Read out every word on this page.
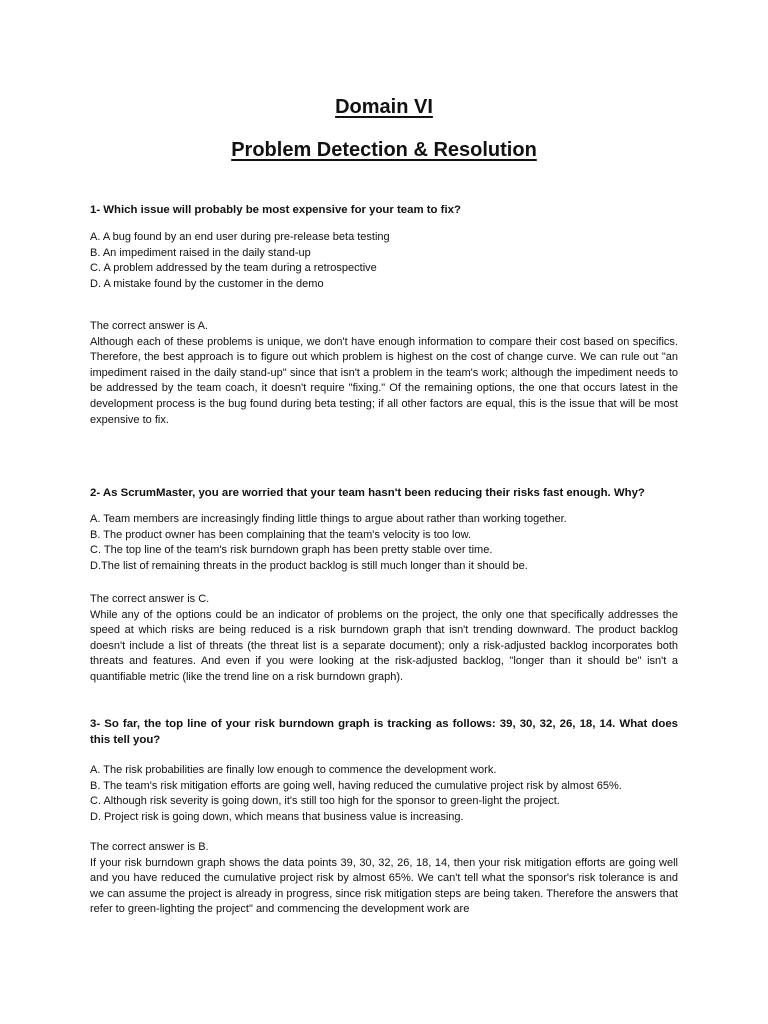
Domain VI
Problem Detection & Resolution

1- Which issue will probably be most expensive for your team to fix?

A. A bug found by an end user during pre-release beta testing
B. An impediment raised in the daily stand-up
C. A problem addressed by the team during a retrospective
D. A mistake found by the customer in the demo
The correct answer is A.
Although each of these problems is unique, we don't have enough information to compare their cost based on specifics. Therefore, the best approach is to figure out which problem is highest on the cost of change curve. We can rule out "an impediment raised in the daily stand-up" since that isn't a problem in the team's work; although the impediment needs to be addressed by the team coach, it doesn't require "fixing." Of the remaining options, the one that occurs latest in the development process is the bug found during beta testing; if all other factors are equal, this is the issue that will be most expensive to fix.

2- As ScrumMaster, you are worried that your team hasn't been reducing their risks fast enough. Why?

A. Team members are increasingly finding little things to argue about rather than working together.
B. The product owner has been complaining that the team's velocity is too low.
C. The top line of the team's risk burndown graph has been pretty stable over time.
D.The list of remaining threats in the product backlog is still much longer than it should be.
The correct answer is C.
While any of the options could be an indicator of problems on the project, the only one that specifically addresses the speed at which risks are being reduced is a risk burndown graph that isn't trending downward. The product backlog doesn't include a list of threats (the threat list is a separate document); only a risk-adjusted backlog incorporates both threats and features. And even if you were looking at the risk-adjusted backlog, "longer than it should be" isn't a quantifiable metric (like the trend line on a risk burndown graph).

3- So far, the top line of your risk burndown graph is tracking as follows: 39, 30, 32, 26, 18, 14. What does this tell you?

A. The risk probabilities are finally low enough to commence the development work.
B. The team's risk mitigation efforts are going well, having reduced the cumulative project risk by almost 65%.
C. Although risk severity is going down, it's still too high for the sponsor to green-light the project.
D. Project risk is going down, which means that business value is increasing.
The correct answer is B.
If your risk burndown graph shows the data points 39, 30, 32, 26, 18, 14, then your risk mitigation efforts are going well and you have reduced the cumulative project risk by almost 65%. We can't tell what the sponsor's risk tolerance is and we can assume the project is already in progress, since risk mitigation steps are being taken. Therefore the answers that refer to green-lighting the project" and commencing the development work are
